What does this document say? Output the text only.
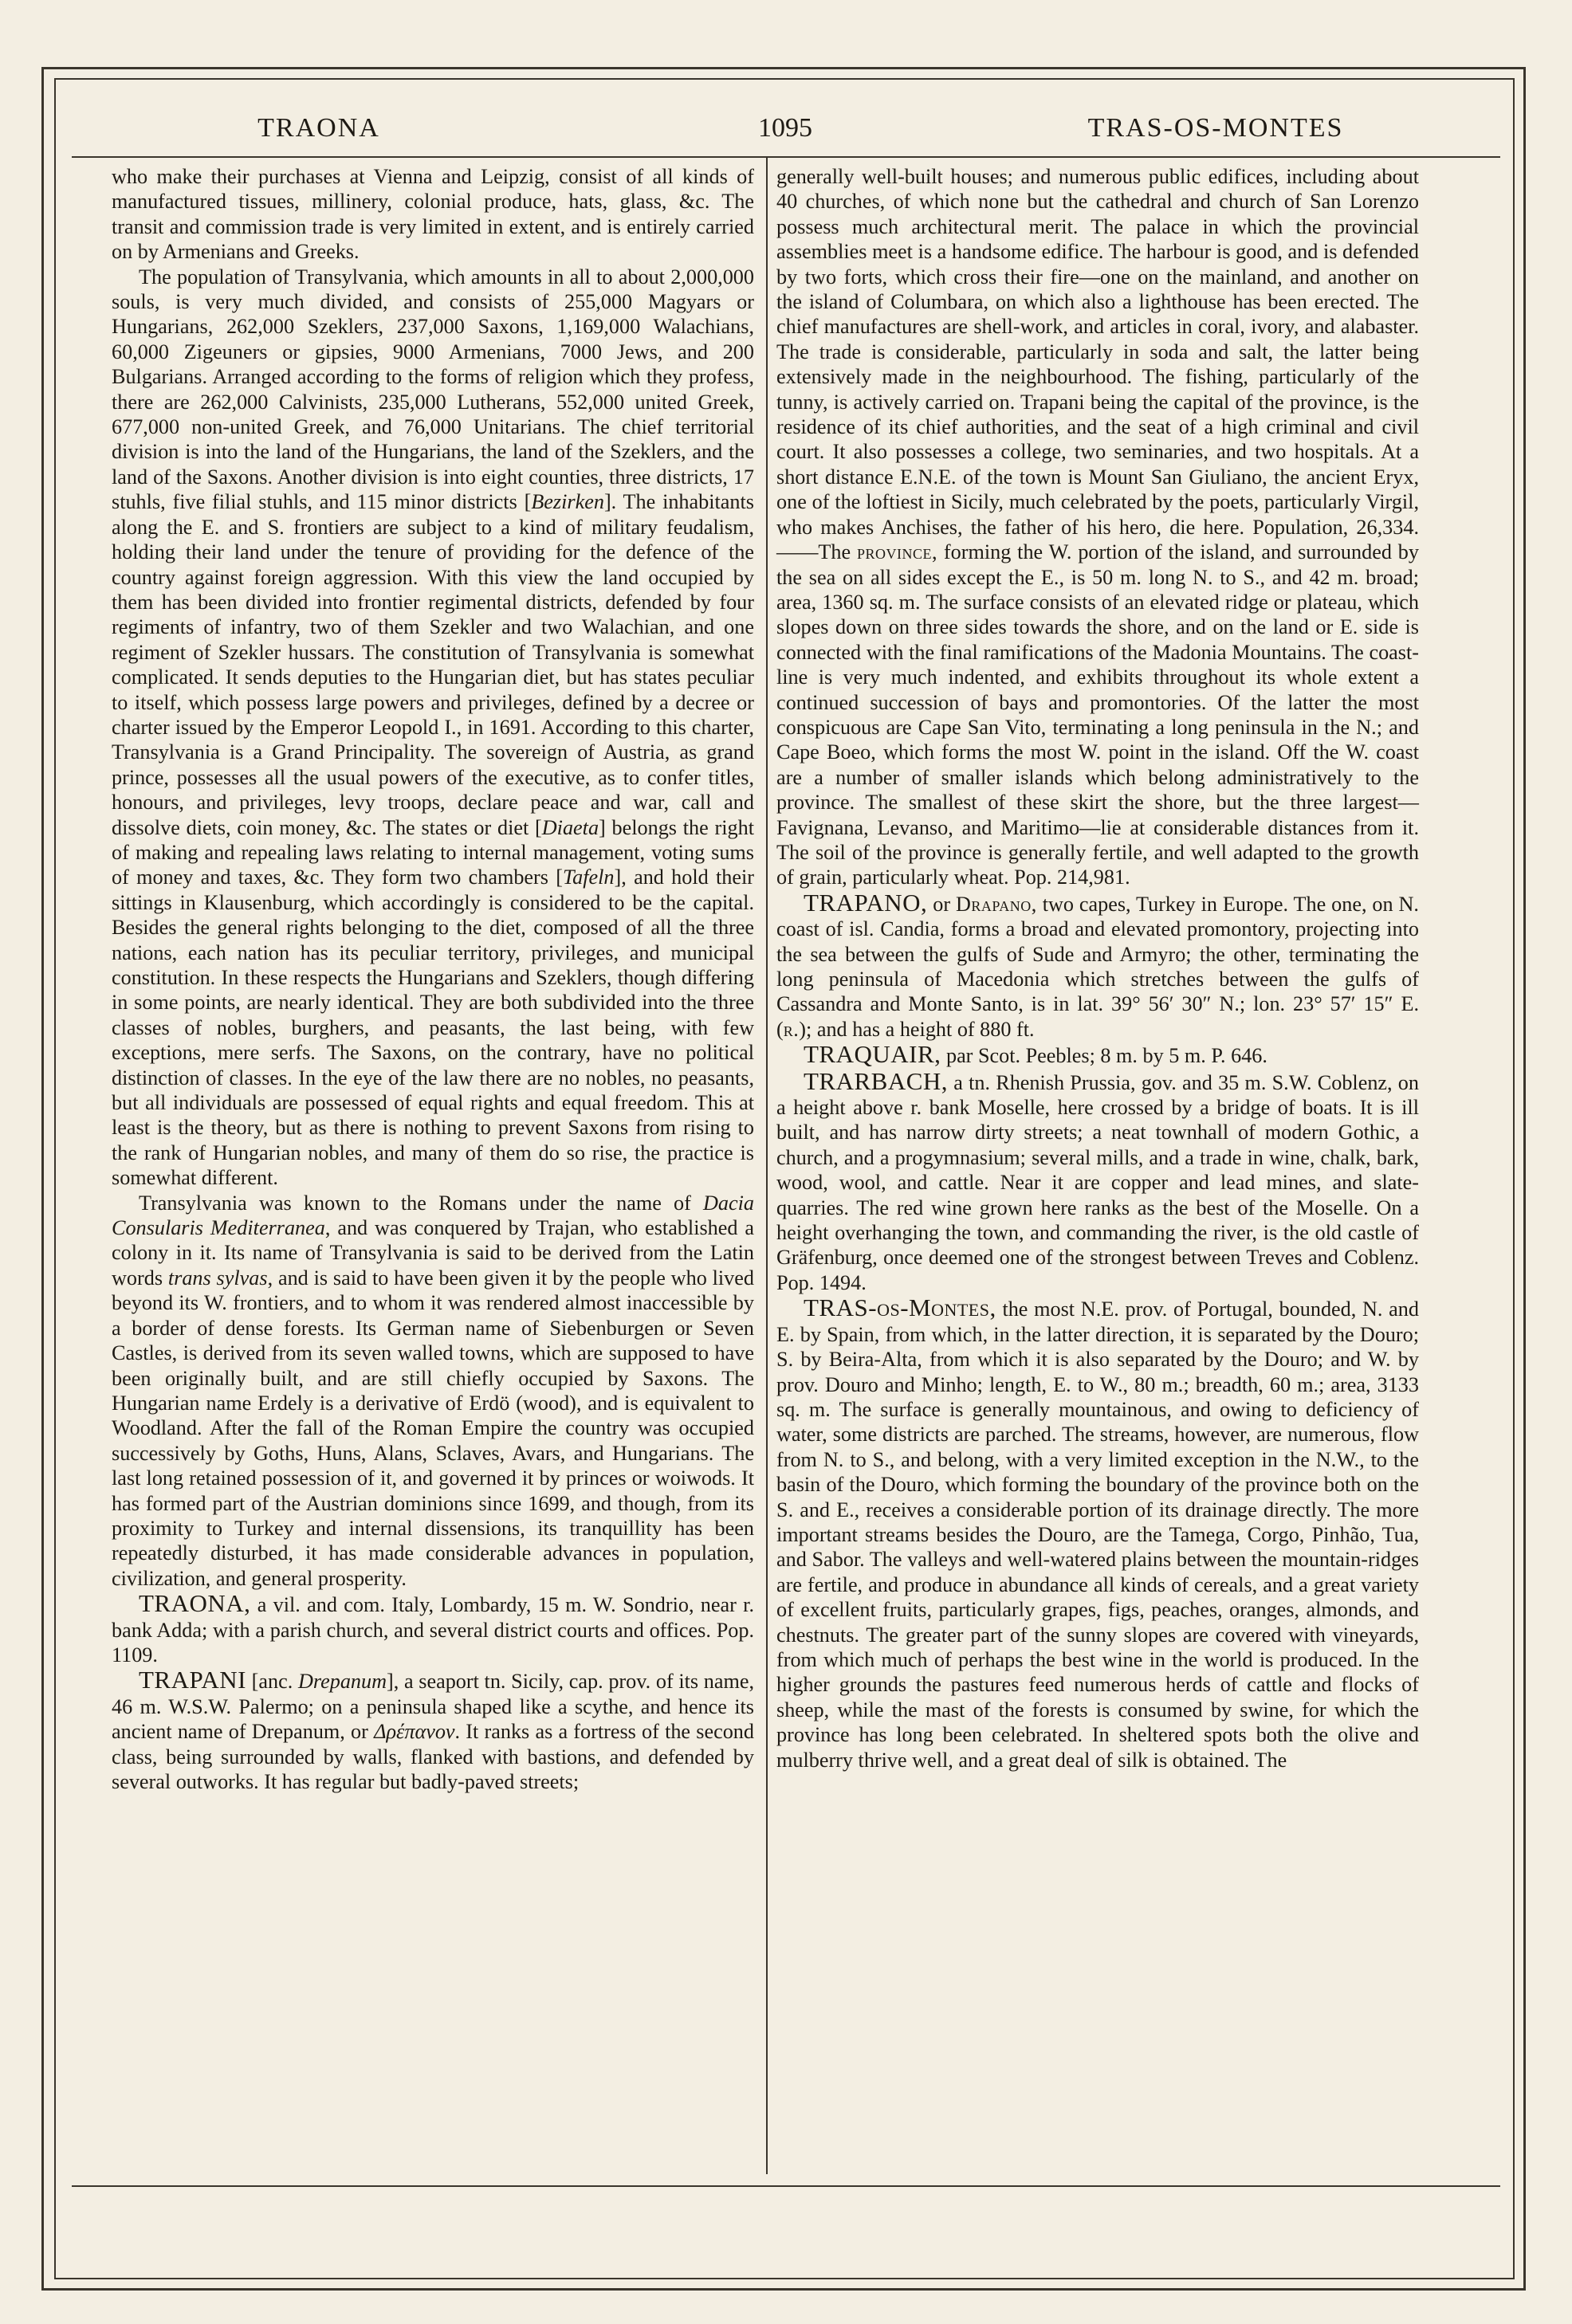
TRAONA	1095	TRAS-OS-MONTES

who make their purchases at Vienna and Leipzig, consist of all kinds of manufactured tissues, millinery, colonial produce, hats, glass, &c. The transit and commission trade is very limited in extent, and is entirely carried on by Armenians and Greeks.

The population of Transylvania, which amounts in all to about 2,000,000 souls, is very much divided, and consists of 255,000 Magyars or Hungarians, 262,000 Szeklers, 237,000 Saxons, 1,169,000 Walachians, 60,000 Zigeuners or gipsies, 9000 Armenians, 7000 Jews, and 200 Bulgarians. Arranged according to the forms of religion which they profess, there are 262,000 Calvinists, 235,000 Lutherans, 552,000 united Greek, 677,000 non-united Greek, and 76,000 Unitarians. The chief territorial division is into the land of the Hungarians, the land of the Szeklers, and the land of the Saxons. Another division is into eight counties, three districts, 17 stuhls, five filial stuhls, and 115 minor districts [Bezirken]. The inhabitants along the E. and S. frontiers are subject to a kind of military feudalism, holding their land under the tenure of providing for the defence of the country against foreign aggression. With this view the land occupied by them has been divided into frontier regimental districts, defended by four regiments of infantry, two of them Szekler and two Walachian, and one regiment of Szekler hussars. The constitution of Transylvania is somewhat complicated. It sends deputies to the Hungarian diet, but has states peculiar to itself, which possess large powers and privileges, defined by a decree or charter issued by the Emperor Leopold I., in 1691. According to this charter, Transylvania is a Grand Principality. The sovereign of Austria, as grand prince, possesses all the usual powers of the executive, as to confer titles, honours, and privileges, levy troops, declare peace and war, call and dissolve diets, coin money, &c. The states or diet [Diaeta] belongs the right of making and repealing laws relating to internal management, voting sums of money and taxes, &c. They form two chambers [Tafeln], and hold their sittings in Klausenburg, which accordingly is considered to be the capital. Besides the general rights belonging to the diet, composed of all the three nations, each nation has its peculiar territory, privileges, and municipal constitution. In these respects the Hungarians and Szeklers, though differing in some points, are nearly identical. They are both subdivided into the three classes of nobles, burghers, and peasants, the last being, with few exceptions, mere serfs. The Saxons, on the contrary, have no political distinction of classes. In the eye of the law there are no nobles, no peasants, but all individuals are possessed of equal rights and equal freedom. This at least is the theory, but as there is nothing to prevent Saxons from rising to the rank of Hungarian nobles, and many of them do so rise, the practice is somewhat different.

Transylvania was known to the Romans under the name of Dacia Consularis Mediterranea, and was conquered by Trajan, who established a colony in it. Its name of Transylvania is said to be derived from the Latin words trans sylvas, and is said to have been given it by the people who lived beyond its W. frontiers, and to whom it was rendered almost inaccessible by a border of dense forests. Its German name of Siebenburgen or Seven Castles, is derived from its seven walled towns, which are supposed to have been originally built, and are still chiefly occupied by Saxons. The Hungarian name Erdely is a derivative of Erdö (wood), and is equivalent to Woodland. After the fall of the Roman Empire the country was occupied successively by Goths, Huns, Alans, Sclaves, Avars, and Hungarians. The last long retained possession of it, and governed it by princes or woiwods. It has formed part of the Austrian dominions since 1699, and though, from its proximity to Turkey and internal dissensions, its tranquillity has been repeatedly disturbed, it has made considerable advances in population, civilization, and general prosperity.

TRAONA, a vil. and com. Italy, Lombardy, 15 m. W. Sondrio, near r. bank Adda; with a parish church, and several district courts and offices. Pop. 1109.

TRAPANI [anc. Drepanum], a seaport tn. Sicily, cap. prov. of its name, 46 m. W.S.W. Palermo; on a peninsula shaped like a scythe, and hence its ancient name of Drepanum, or Δρέπανον. It ranks as a fortress of the second class, being surrounded by walls, flanked with bastions, and defended by several outworks. It has regular but badly-paved streets;

generally well-built houses; and numerous public edifices, including about 40 churches, of which none but the cathedral and church of San Lorenzo possess much architectural merit. The palace in which the provincial assemblies meet is a handsome edifice. The harbour is good, and is defended by two forts, which cross their fire—one on the mainland, and another on the island of Columbara, on which also a lighthouse has been erected. The chief manufactures are shell-work, and articles in coral, ivory, and alabaster. The trade is considerable, particularly in soda and salt, the latter being extensively made in the neighbourhood. The fishing, particularly of the tunny, is actively carried on. Trapani being the capital of the province, is the residence of its chief authorities, and the seat of a high criminal and civil court. It also possesses a college, two seminaries, and two hospitals. At a short distance E.N.E. of the town is Mount San Giuliano, the ancient Eryx, one of the loftiest in Sicily, much celebrated by the poets, particularly Virgil, who makes Anchises, the father of his hero, die here. Population, 26,334.——The province, forming the W. portion of the island, and surrounded by the sea on all sides except the E., is 50 m. long N. to S., and 42 m. broad; area, 1360 sq. m. The surface consists of an elevated ridge or plateau, which slopes down on three sides towards the shore, and on the land or E. side is connected with the final ramifications of the Madonia Mountains. The coast-line is very much indented, and exhibits throughout its whole extent a continued succession of bays and promontories. Of the latter the most conspicuous are Cape San Vito, terminating a long peninsula in the N.; and Cape Boeo, which forms the most W. point in the island. Off the W. coast are a number of smaller islands which belong administratively to the province. The smallest of these skirt the shore, but the three largest—Favignana, Levanso, and Maritimo—lie at considerable distances from it. The soil of the province is generally fertile, and well adapted to the growth of grain, particularly wheat. Pop. 214,981.

TRAPANO, or Drapano, two capes, Turkey in Europe. The one, on N. coast of isl. Candia, forms a broad and elevated promontory, projecting into the sea between the gulfs of Sude and Armyro; the other, terminating the long peninsula of Macedonia which stretches between the gulfs of Cassandra and Monte Santo, is in lat. 39° 56′ 30″ N.; lon. 23° 57′ 15″ E. (r.); and has a height of 880 ft.

TRAQUAIR, par Scot. Peebles; 8 m. by 5 m. P. 646.

TRARBACH, a tn. Rhenish Prussia, gov. and 35 m. S.W. Coblenz, on a height above r. bank Moselle, here crossed by a bridge of boats. It is ill built, and has narrow dirty streets; a neat townhall of modern Gothic, a church, and a progymnasium; several mills, and a trade in wine, chalk, bark, wood, wool, and cattle. Near it are copper and lead mines, and slate-quarries. The red wine grown here ranks as the best of the Moselle. On a height overhanging the town, and commanding the river, is the old castle of Gräfenburg, once deemed one of the strongest between Treves and Coblenz. Pop. 1494.

TRAS-os-Montes, the most N.E. prov. of Portugal, bounded, N. and E. by Spain, from which, in the latter direction, it is separated by the Douro; S. by Beira-Alta, from which it is also separated by the Douro; and W. by prov. Douro and Minho; length, E. to W., 80 m.; breadth, 60 m.; area, 3133 sq. m. The surface is generally mountainous, and owing to deficiency of water, some districts are parched. The streams, however, are numerous, flow from N. to S., and belong, with a very limited exception in the N.W., to the basin of the Douro, which forming the boundary of the province both on the S. and E., receives a considerable portion of its drainage directly. The more important streams besides the Douro, are the Tamega, Corgo, Pinhão, Tua, and Sabor. The valleys and well-watered plains between the mountain-ridges are fertile, and produce in abundance all kinds of cereals, and a great variety of excellent fruits, particularly grapes, figs, peaches, oranges, almonds, and chestnuts. The greater part of the sunny slopes are covered with vineyards, from which much of perhaps the best wine in the world is produced. In the higher grounds the pastures feed numerous herds of cattle and flocks of sheep, while the mast of the forests is consumed by swine, for which the province has long been celebrated. In sheltered spots both the olive and mulberry thrive well, and a great deal of silk is obtained. The
